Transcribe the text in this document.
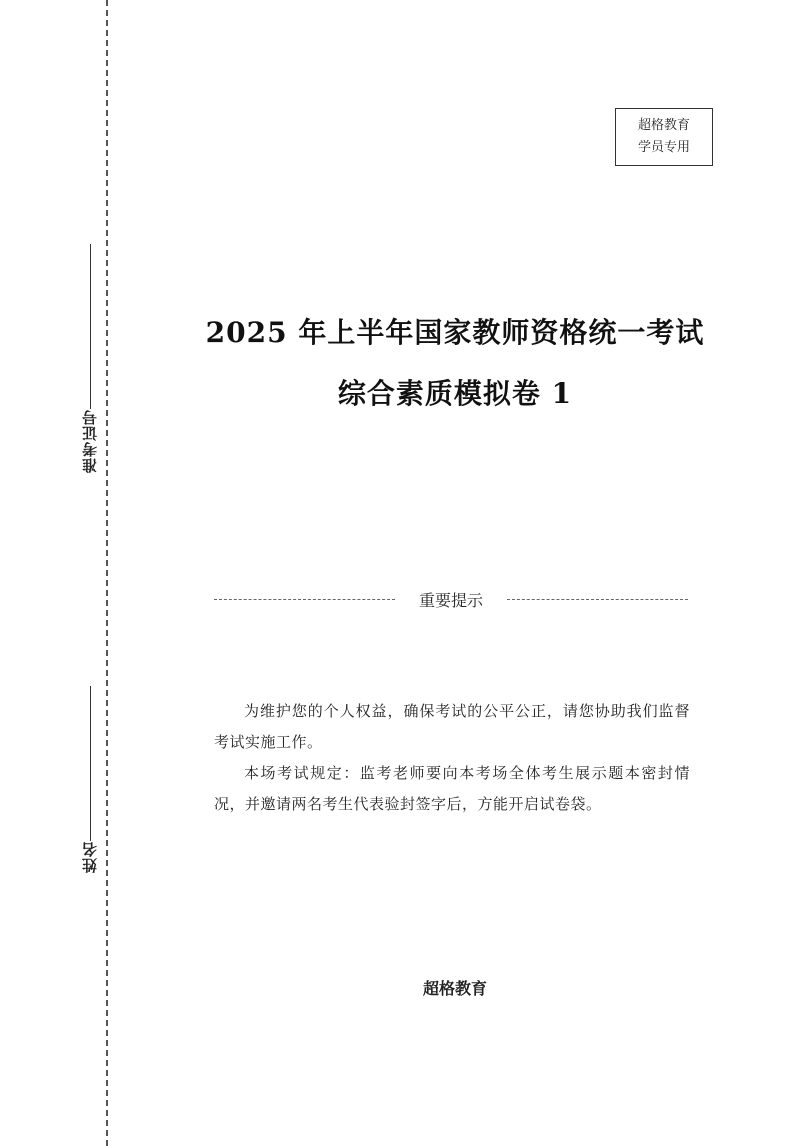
准考证号
姓名
超格教育
学员专用
2025 年上半年国家教师资格统一考试
综合素质模拟卷 1
重要提示

为维护您的个人权益，确保考试的公平公正，请您协助我们监督考试实施工作。

本场考试规定：监考老师要向本考场全体考生展示题本密封情况，并邀请两名考生代表验封签字后，方能开启试卷袋。

超格教育
